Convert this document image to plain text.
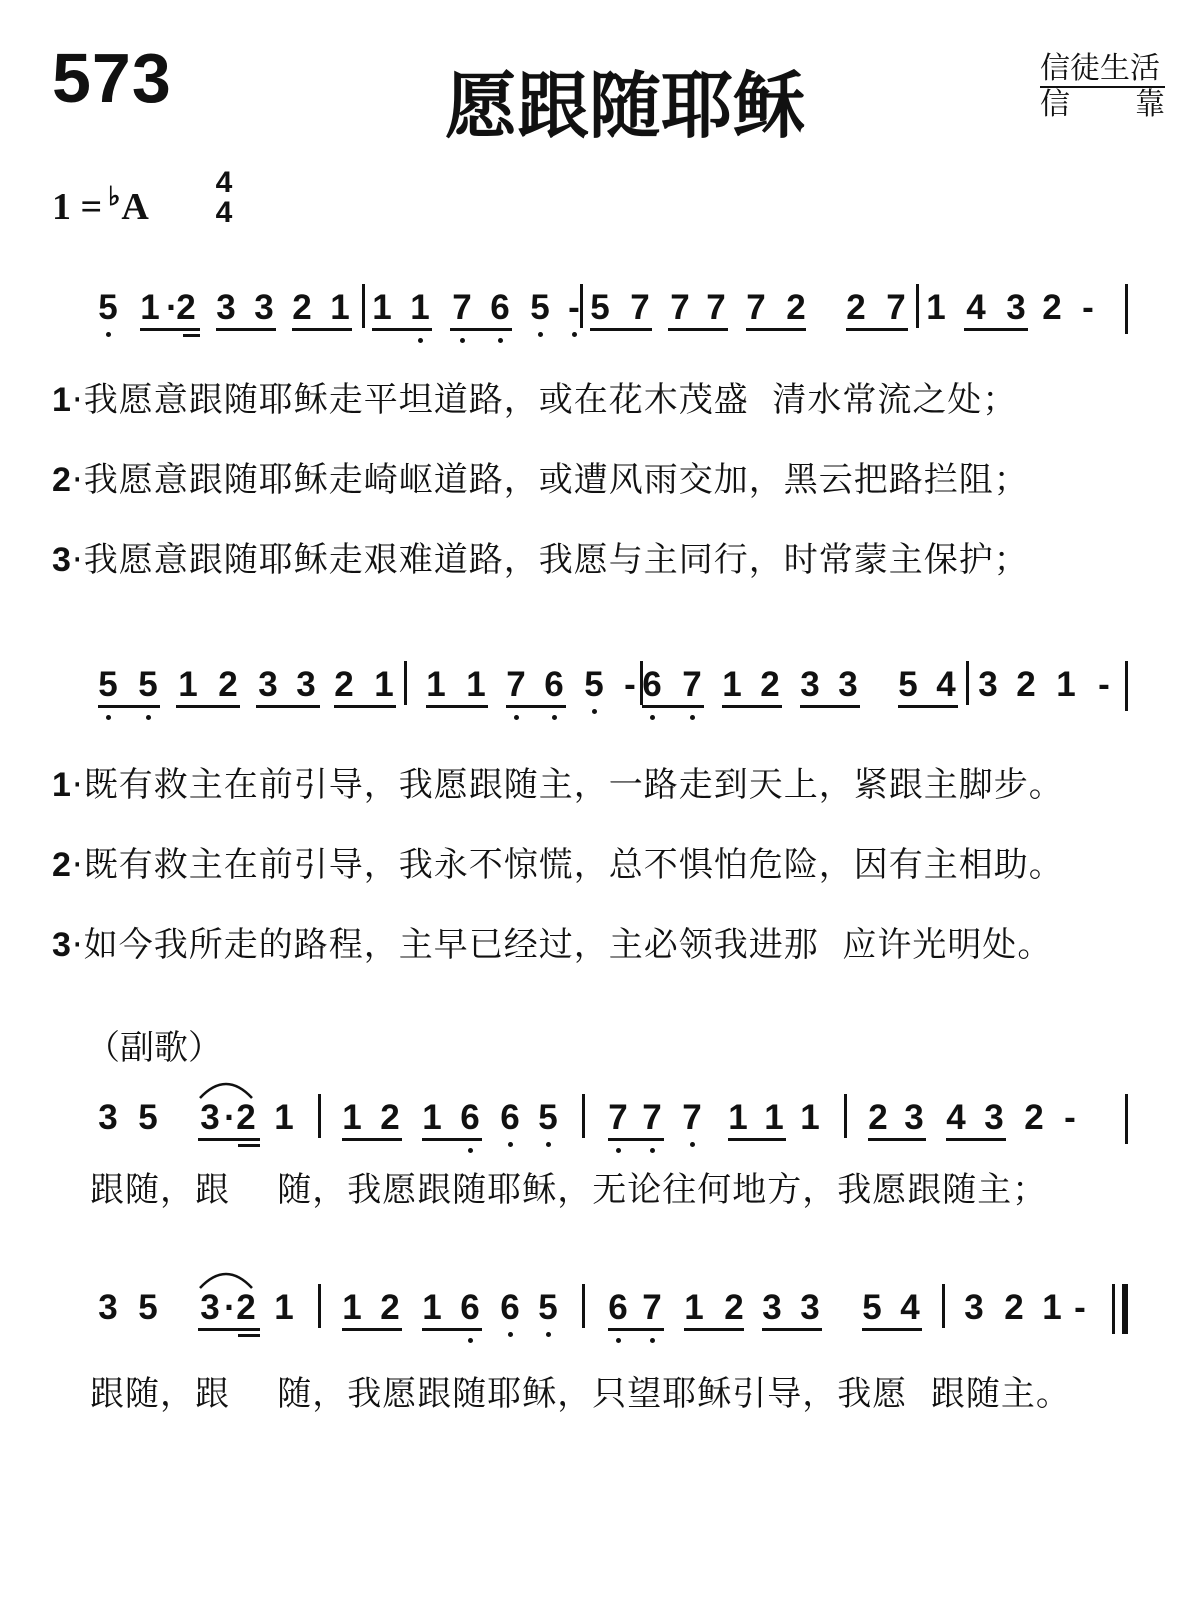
573	愿跟随耶稣	信徒生活
信 靠
1 = ♭A
4
4
5 1 ·
2 3 3 2 1 1 1 7 6 5 - 5 7 7 7 7 2 2 7 1 4 3 2 -
1·我愿意跟随耶稣走平坦道路，或在花木茂盛  清水常流之处；
2·我愿意跟随耶稣走崎岖道路，或遭风雨交加，黑云把路拦阻；
3·我愿意跟随耶稣走艰难道路，我愿与主同行，时常蒙主保护；
5 5 1 2 3 3 2 1 1 1 7 6 5 - 6 7 1 2 3 3 5 4 3 2 1 -
1·既有救主在前引导，我愿跟随主，一路走到天上，紧跟主脚步。
2·既有救主在前引导，我永不惊慌，总不惧怕危险，因有主相助。
3·如今我所走的路程，主早已经过，主必领我进那  应许光明处。
（副歌）
3 5 3 · 2 1 1 2 1 6 6 5 7 7 7 1 1 1 2 3 4 3 2 -
跟随，跟    随，我愿跟随耶稣，无论往何地方，我愿跟随主；
3 5 3 · 2 1 1 2 1 6 6 5 6 7 1 2 3 3 5 4 3 2 1 -
跟随，跟    随，我愿跟随耶稣，只望耶稣引导，我愿  跟随主。
